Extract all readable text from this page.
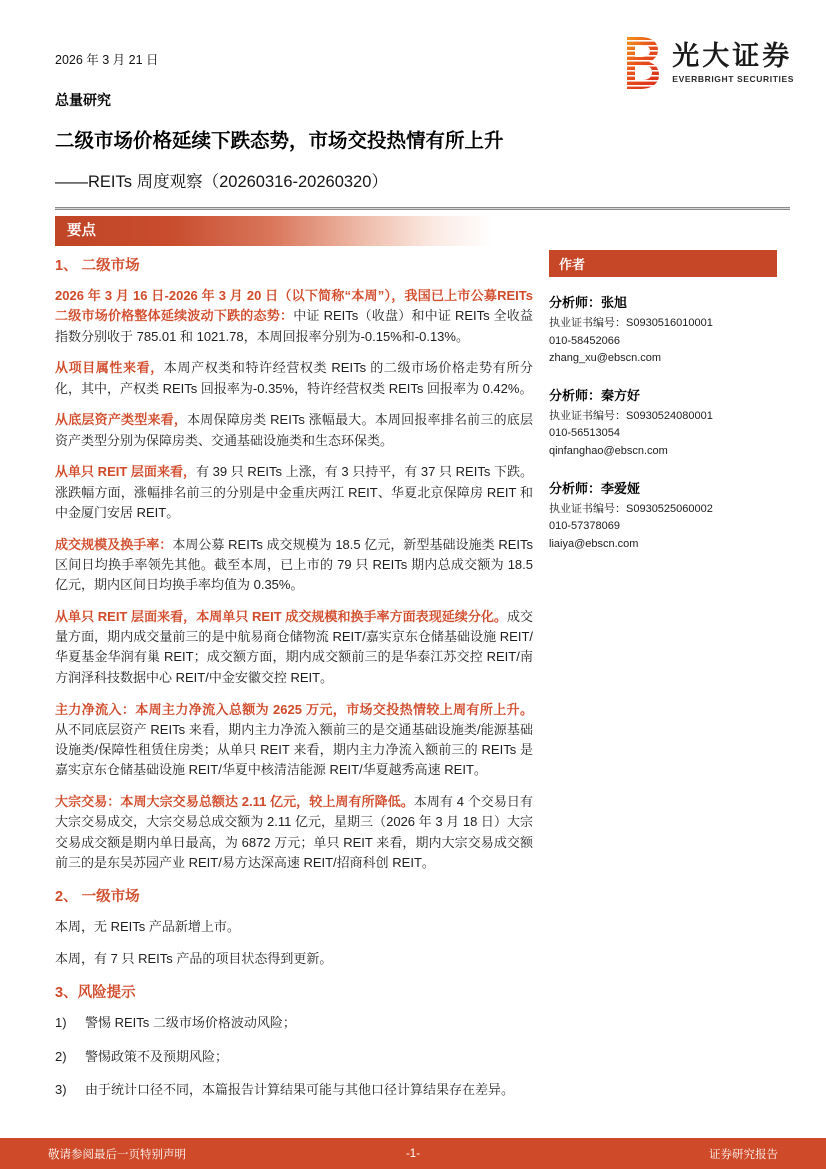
2026 年 3 月 21 日	光大证券
EVERBRIGHT SECURITIES
总量研究
二级市场价格延续下跌态势，市场交投热情有所上升
——REITs 周度观察（20260316-20260320）
要点
1、 二级市场

2026 年 3 月 16 日-2026 年 3 月 20 日（以下简称“本周”），我国已上市公募REITs 二级市场价格整体延续波动下跌的态势：中证 REITs（收盘）和中证 REITs 全收益指数分别收于 785.01 和 1021.78，本周回报率分别为-0.15%和-0.13%。

从项目属性来看，本周产权类和特许经营权类 REITs 的二级市场价格走势有所分化，其中，产权类 REITs 回报率为-0.35%，特许经营权类 REITs 回报率为 0.42%。

从底层资产类型来看，本周保障房类 REITs 涨幅最大。本周回报率排名前三的底层资产类型分别为保障房类、交通基础设施类和生态环保类。

从单只 REIT 层面来看，有 39 只 REITs 上涨，有 3 只持平，有 37 只 REITs 下跌。涨跌幅方面，涨幅排名前三的分别是中金重庆两江 REIT、华夏北京保障房 REIT 和中金厦门安居 REIT。

成交规模及换手率：本周公募 REITs 成交规模为 18.5 亿元，新型基础设施类 REITs 区间日均换手率领先其他。截至本周，已上市的 79 只 REITs 期内总成交额为 18.5 亿元，期内区间日均换手率均值为 0.35%。

从单只 REIT 层面来看，本周单只 REIT 成交规模和换手率方面表现延续分化。成交量方面，期内成交量前三的是中航易商仓储物流 REIT/嘉实京东仓储基础设施 REIT/华夏基金华润有巢 REIT；成交额方面，期内成交额前三的是华泰江苏交控 REIT/南方润泽科技数据中心 REIT/中金安徽交控 REIT。

主力净流入：本周主力净流入总额为 2625 万元，市场交投热情较上周有所上升。从不同底层资产 REITs 来看，期内主力净流入额前三的是交通基础设施类/能源基础设施类/保障性租赁住房类；从单只 REIT 来看，期内主力净流入额前三的 REITs 是嘉实京东仓储基础设施 REIT/华夏中核清洁能源 REIT/华夏越秀高速 REIT。

大宗交易：本周大宗交易总额达 2.11 亿元，较上周有所降低。本周有 4 个交易日有大宗交易成交，大宗交易总成交额为 2.11 亿元，星期三（2026 年 3 月 18 日）大宗交易成交额是期内单日最高，为 6872 万元；单只 REIT 来看，期内大宗交易成交额前三的是东吴苏园产业 REIT/易方达深高速 REIT/招商科创 REIT。

2、 一级市场

本周，无 REITs 产品新增上市。

本周，有 7 只 REITs 产品的项目状态得到更新。

3、风险提示
1)	警惕 REITs 二级市场价格波动风险；
2)	警惕政策不及预期风险；
3)	由于统计口径不同，本篇报告计算结果可能与其他口径计算结果存在差异。
作者
分析师：张旭
执业证书编号：S0930516010001
010-58452066
zhang_xu@ebscn.com
分析师：秦方好
执业证书编号：S0930524080001
010-56513054
qinfanghao@ebscn.com
分析师：李爱娅
执业证书编号：S0930525060002
010-57378069
liaiya@ebscn.com
敬请参阅最后一页特别声明	-1-	证券研究报告
